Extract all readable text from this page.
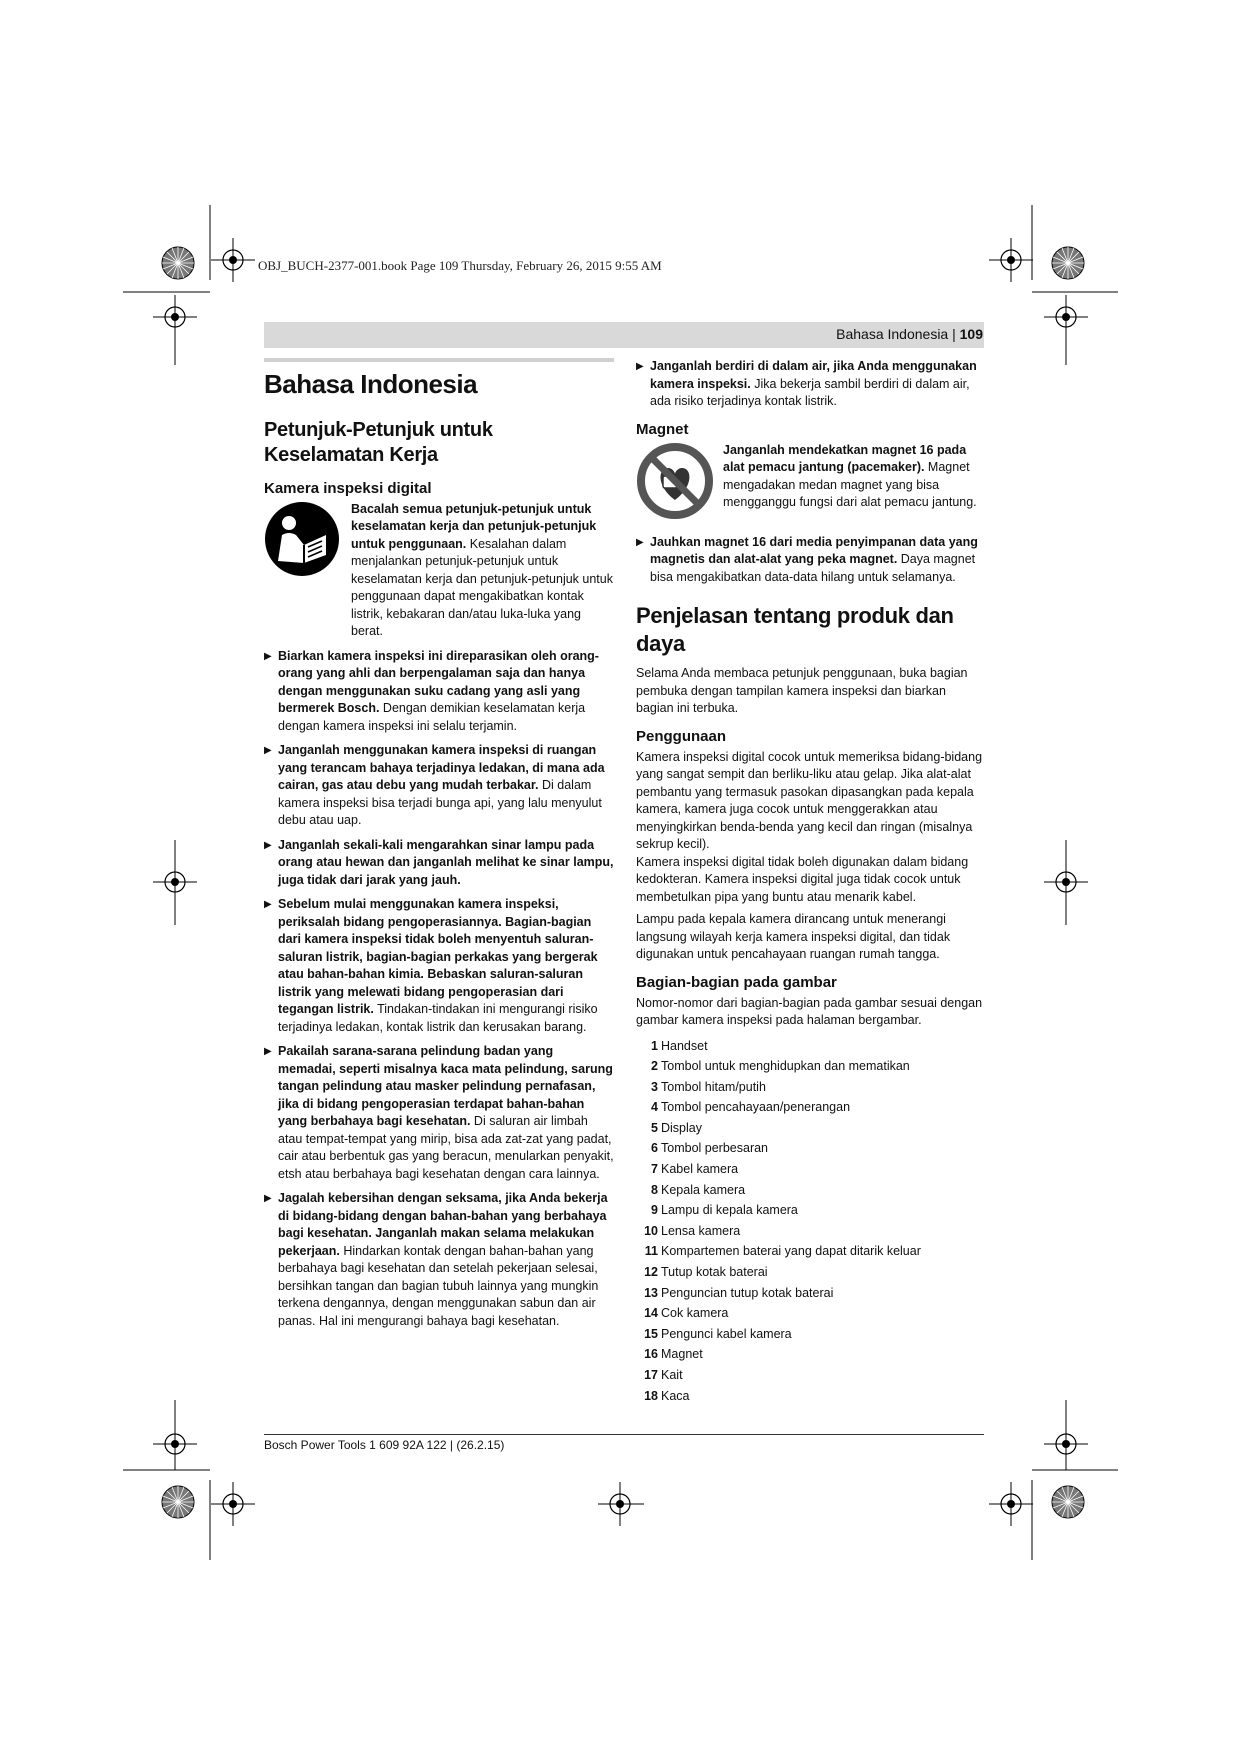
OBJ_BUCH-2377-001.book Page 109 Thursday, February 26, 2015 9:55 AM
Bahasa Indonesia | 109
Bahasa Indonesia
Petunjuk-Petunjuk untuk Keselamatan Kerja
Kamera inspeksi digital
Bacalah semua petunjuk-petunjuk untuk keselamatan kerja dan petunjuk-petunjuk untuk penggunaan. Kesalahan dalam menjalankan petunjuk-petunjuk untuk keselamatan kerja dan petunjuk-petunjuk untuk penggunaan dapat mengakibatkan kontak listrik, kebakaran dan/atau luka-luka yang berat.
▶ Biarkan kamera inspeksi ini direparasikan oleh orang-orang yang ahli dan berpengalaman saja dan hanya dengan menggunakan suku cadang yang asli yang bermerek Bosch. Dengan demikian keselamatan kerja dengan kamera inspeksi ini selalu terjamin.
▶ Janganlah menggunakan kamera inspeksi di ruangan yang terancam bahaya terjadinya ledakan, di mana ada cairan, gas atau debu yang mudah terbakar. Di dalam kamera inspeksi bisa terjadi bunga api, yang lalu menyulut debu atau uap.
▶ Janganlah sekali-kali mengarahkan sinar lampu pada orang atau hewan dan janganlah melihat ke sinar lampu, juga tidak dari jarak yang jauh.
▶ Sebelum mulai menggunakan kamera inspeksi, periksalah bidang pengoperasiannya. Bagian-bagian dari kamera inspeksi tidak boleh menyentuh saluran-saluran listrik, bagian-bagian perkakas yang bergerak atau bahan-bahan kimia. Bebaskan saluran-saluran listrik yang melewati bidang pengoperasian dari tegangan listrik. Tindakan-tindakan ini mengurangi risiko terjadinya ledakan, kontak listrik dan kerusakan barang.
▶ Pakailah sarana-sarana pelindung badan yang memadai, seperti misalnya kaca mata pelindung, sarung tangan pelindung atau masker pelindung pernafasan, jika di bidang pengoperasian terdapat bahan-bahan yang berbahaya bagi kesehatan. Di saluran air limbah atau tempat-tempat yang mirip, bisa ada zat-zat yang padat, cair atau berbentuk gas yang beracun, menularkan penyakit, etsh atau berbahaya bagi kesehatan dengan cara lainnya.
▶ Jagalah kebersihan dengan seksama, jika Anda bekerja di bidang-bidang dengan bahan-bahan yang berbahaya bagi kesehatan. Janganlah makan selama melakukan pekerjaan. Hindarkan kontak dengan bahan-bahan yang berbahaya bagi kesehatan dan setelah pekerjaan selesai, bersihkan tangan dan bagian tubuh lainnya yang mungkin terkena dengannya, dengan menggunakan sabun dan air panas. Hal ini mengurangi bahaya bagi kesehatan.
▶ Janganlah berdiri di dalam air, jika Anda menggunakan kamera inspeksi. Jika bekerja sambil berdiri di dalam air, ada risiko terjadinya kontak listrik.
Magnet
Janganlah mendekatkan magnet 16 pada alat pemacu jantung (pacemaker). Magnet mengadakan medan magnet yang bisa mengganggu fungsi dari alat pemacu jantung.
▶ Jauhkan magnet 16 dari media penyimpanan data yang magnetis dan alat-alat yang peka magnet. Daya magnet bisa mengakibatkan data-data hilang untuk selamanya.
Penjelasan tentang produk dan daya

Selama Anda membaca petunjuk penggunaan, buka bagian pembuka dengan tampilan kamera inspeksi dan biarkan bagian ini terbuka.

Penggunaan

Kamera inspeksi digital cocok untuk memeriksa bidang-bidang yang sangat sempit dan berliku-liku atau gelap. Jika alat-alat pembantu yang termasuk pasokan dipasangkan pada kepala kamera, kamera juga cocok untuk menggerakkan atau menyingkirkan benda-benda yang kecil dan ringan (misalnya sekrup kecil).

Kamera inspeksi digital tidak boleh digunakan dalam bidang kedokteran. Kamera inspeksi digital juga tidak cocok untuk membetulkan pipa yang buntu atau menarik kabel.

Lampu pada kepala kamera dirancang untuk menerangi langsung wilayah kerja kamera inspeksi digital, dan tidak digunakan untuk pencahayaan ruangan rumah tangga.

Bagian-bagian pada gambar

Nomor-nomor dari bagian-bagian pada gambar sesuai dengan gambar kamera inspeksi pada halaman bergambar.

1 Handset
2 Tombol untuk menghidupkan dan mematikan
3 Tombol hitam/putih
4 Tombol pencahayaan/penerangan
5 Display
6 Tombol perbesaran
7 Kabel kamera
8 Kepala kamera
9 Lampu di kepala kamera
10 Lensa kamera
11 Kompartemen baterai yang dapat ditarik keluar
12 Tutup kotak baterai
13 Penguncian tutup kotak baterai
14 Cok kamera
15 Pengunci kabel kamera
16 Magnet
17 Kait
18 Kaca
Bosch Power Tools 1 609 92A 122 | (26.2.15)
